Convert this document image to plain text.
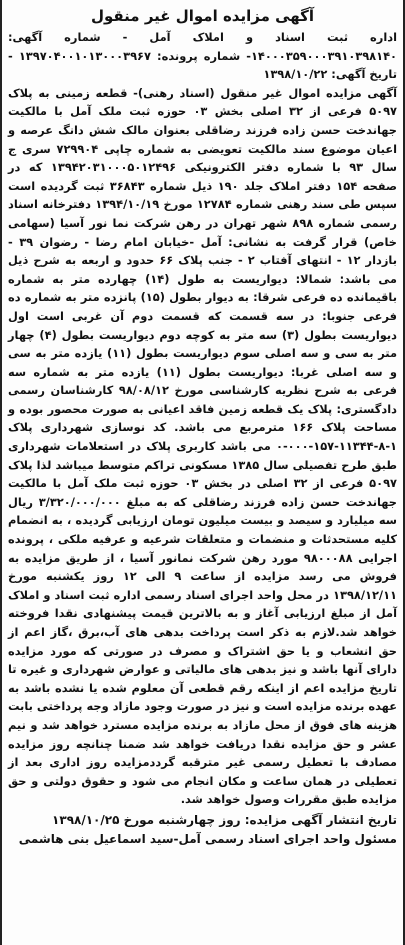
آگهی مزایده اموال غیر منقول

اداره ثبت اسناد و املاک آمل - شماره آگهی: ۱۴۰۰۰۳۵۹۰۰۰۳۹۱۰۳۹۸۱۴۰- شماره پرونده: ۱۳۹۷۰۴۰۰۱۰۱۳۰۰۰۳۹۶۷ - تاریخ آگهی: ۱۳۹۸/۱۰/۲۲

آگهی مزایده اموال غیر منقول (اسناد رهنی)- قطعه زمینی به پلاک ۵۰۹۷ فرعی از ۳۲ اصلی بخش ۰۳ حوزه ثبت ملک آمل با مالکیت جهاندخت حسن زاده فرزند رضاقلی بعنوان مالک شش دانگ عرصه و اعیان موضوع سند مالکیت تعویضی به شماره چاپی ۷۲۹۹۰۴ سری ج سال ۹۳ با شماره دفتر الکترونیکی ۱۳۹۴۲۰۳۱۰۰۰۵۰۱۲۴۹۶ که در صفحه ۱۵۴ دفتر املاک جلد ۱۹۰ ذیل شماره ۳۶۸۴۳ ثبت گردیده است سپس طی سند رهنی شماره ۱۲۷۸۴ مورخ ۱۳۹۴/۱۰/۱۹ دفترخانه اسناد رسمی شماره ۸۹۸ شهر تهران در رهن شرکت نما نور آسیا (سهامی خاص) قرار گرفت به نشانی: آمل -خیابان امام رضا - رضوان ۳۹ - بازدار ۱۲ - انتهای آفتاب ۲ - جنب پلاک ۶۶ حدود و اربعه به شرح ذیل می باشد: شمالا: دیواریست به طول (۱۴) چهارده متر به شماره باقیمانده ده فرعی شرقا: به دیوار بطول (۱۵) پانزده متر به شماره ده فرعی جنوبا: در سه قسمت که قسمت دوم آن غربی است اول دیواریست بطول (۳) سه متر به کوچه دوم دیواریست بطول (۴) چهار متر به سی و سه اصلی سوم دیواریست بطول (۱۱) یازده متر به سی و سه اصلی غربا: دیواریست بطول (۱۱) یازده متر به شماره سه فرعی به شرح نظریه کارشناسی مورخ ۹۸/۰۸/۱۲ کارشناسان رسمی دادگستری: پلاک یک قطعه زمین فاقد اعیانی به صورت محصور بوده و مساحت پلاک ۱۶۶ مترمربع می باشد. کد نوسازی شهرداری پلاک ۱-۸-۱۱۳۴۴-۱۵۷-۰۰۰-۰ می باشد کاربری پلاک در استعلامات شهرداری طبق طرح تفصیلی سال ۱۳۸۵ مسکونی تراکم متوسط میباشد لذا پلاک ۵۰۹۷ فرعی از ۳۲ اصلی در بخش ۰۳ حوزه ثبت ملک آمل با مالکیت جهاندخت حسن زاده فرزند رضاقلی که به مبلغ ۳/۳۲۰/۰۰۰/۰۰۰ ریال سه میلیارد و سیصد و بیست میلیون تومان ارزیابی گردیده ، به انضمام کلیه مستحدثات و منضمات و متعلقات شرعیه و عرفیه ملکی ، پرونده اجرایی ۹۸۰۰۰۸۸ مورد رهن شرکت نمانور آسیا ، از طریق مزایده به فروش می رسد مزایده از ساعت ۹ الی ۱۲ روز یکشنبه مورخ ۱۳۹۸/۱۲/۱۱ در محل واحد اجرای اسناد رسمی اداره ثبت اسناد و املاک آمل از مبلغ ارزیابی آغاز و به بالاترین قیمت پیشنهادی نقدا فروخته خواهد شد.لازم به ذکر است پرداخت بدهی های آب،برق ،گاز اعم از حق انشعاب و یا حق اشتراک و مصرف در صورتی که مورد مزایده دارای آنها باشد و نیز بدهی های مالیاتی و عوارض شهرداری و غیره تا تاریخ مزایده اعم از اینکه رقم قطعی آن معلوم شده یا نشده باشد به عهده برنده مزایده است و نیز در صورت وجود مازاد وجه پرداختی بابت هزینه های فوق از محل مازاد به برنده مزایده مسترد خواهد شد و نیم عشر و حق مزایده نقدا دریافت خواهد شد ضمنا چنانچه روز مزایده مصادف با تعطیل رسمی غیر مترقبه گرددمزایده روز اداری بعد از تعطیلی در همان ساعت و مکان انجام می شود و حقوق دولتی و حق مزایده طبق مقررات وصول خواهد شد.

تاریخ انتشار آگهی مزایده: روز چهارشنبه مورخ ۱۳۹۸/۱۰/۲۵

مسئول واحد اجرای اسناد رسمی آمل-سید اسماعیل بنی هاشمی
